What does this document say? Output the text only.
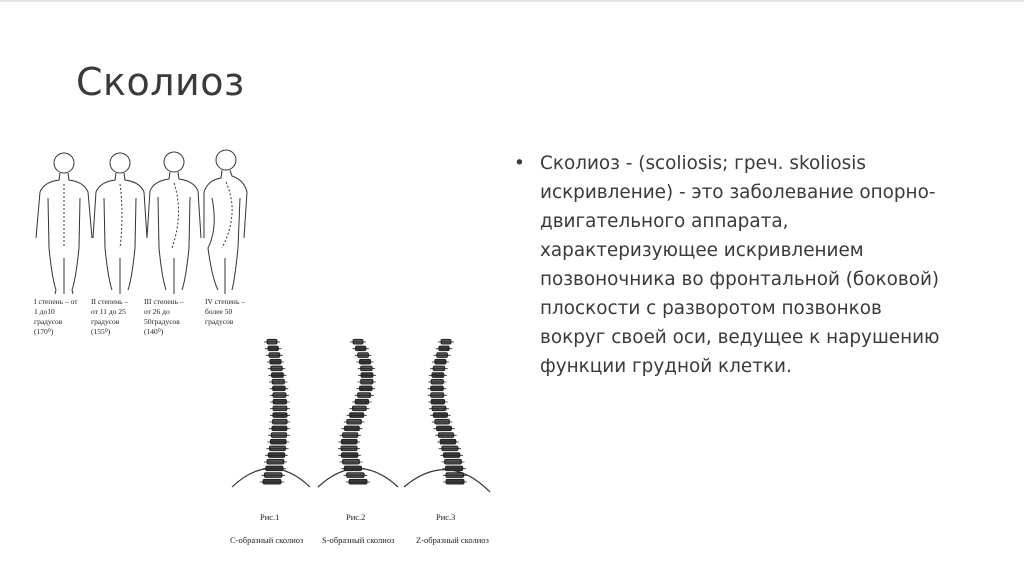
Сколиоз
I степень – от
1 до10
градусов
(170⁰)
II степень –
от 11 до 25
градусов
(155⁰)
III степень –
от 26 до
50градусов
(140⁰)
IV степень –
более 50
градусов
Рис.1	Рис.2	Рис.3
С-образный сколиоз S-образный сколиоз	Z-образный сколиоз
• Сколиоз - (scoliosis; греч. skoliosis искривление) - это заболевание опорно-двигательного аппарата, характеризующее искривлением позвоночника во фронтальной (боковой) плоскости с разворотом позвонков вокруг своей оси, ведущее к нарушению функции грудной клетки.
